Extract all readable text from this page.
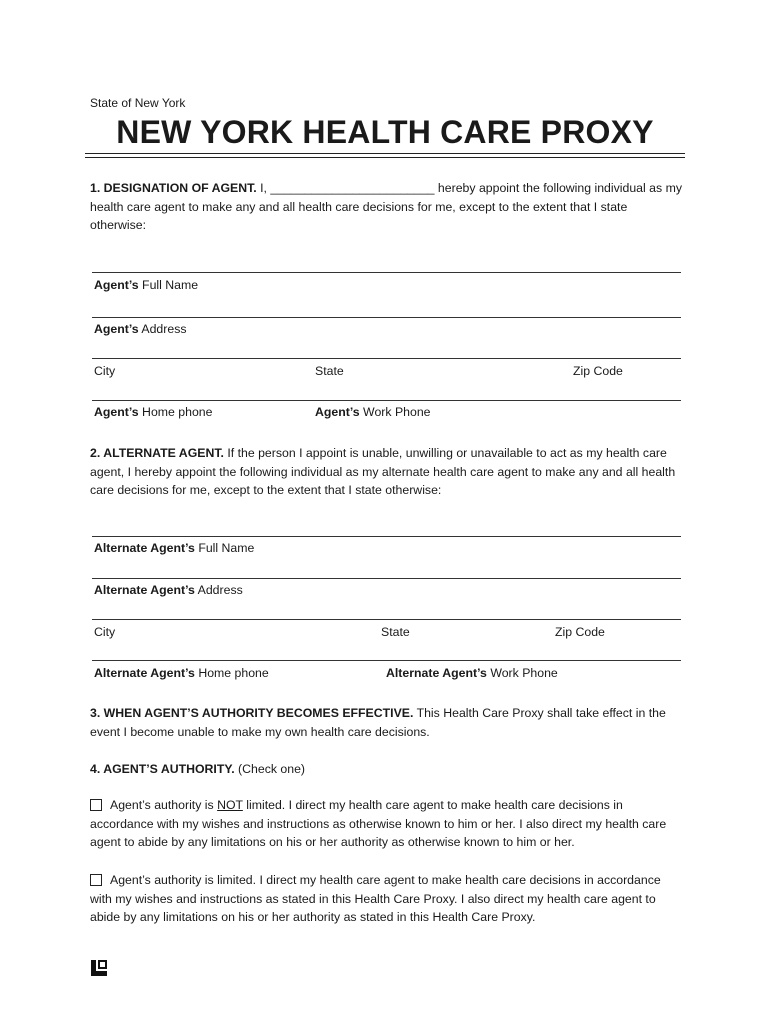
State of New York
NEW YORK HEALTH CARE PROXY
1. DESIGNATION OF AGENT. I, ________________________ hereby appoint the following individual as my health care agent to make any and all health care decisions for me, except to the extent that I state otherwise:
Agent’s Full Name
Agent’s Address
City	State	Zip Code
Agent’s Home phone	Agent’s Work Phone
2. ALTERNATE AGENT. If the person I appoint is unable, unwilling or unavailable to act as my health care agent, I hereby appoint the following individual as my alternate health care agent to make any and all health care decisions for me, except to the extent that I state otherwise:
Alternate Agent’s Full Name
Alternate Agent’s Address
City	State	Zip Code
Alternate Agent’s Home phone	Alternate Agent’s Work Phone
3. WHEN AGENT’S AUTHORITY BECOMES EFFECTIVE. This Health Care Proxy shall take effect in the event I become unable to make my own health care decisions.
4. AGENT’S AUTHORITY. (Check one)
Agent’s authority is NOT limited. I direct my health care agent to make health care decisions in accordance with my wishes and instructions as otherwise known to him or her. I also direct my health care agent to abide by any limitations on his or her authority as otherwise known to him or her.
Agent’s authority is limited. I direct my health care agent to make health care decisions in accordance with my wishes and instructions as stated in this Health Care Proxy. I also direct my health care agent to abide by any limitations on his or her authority as stated in this Health Care Proxy.
